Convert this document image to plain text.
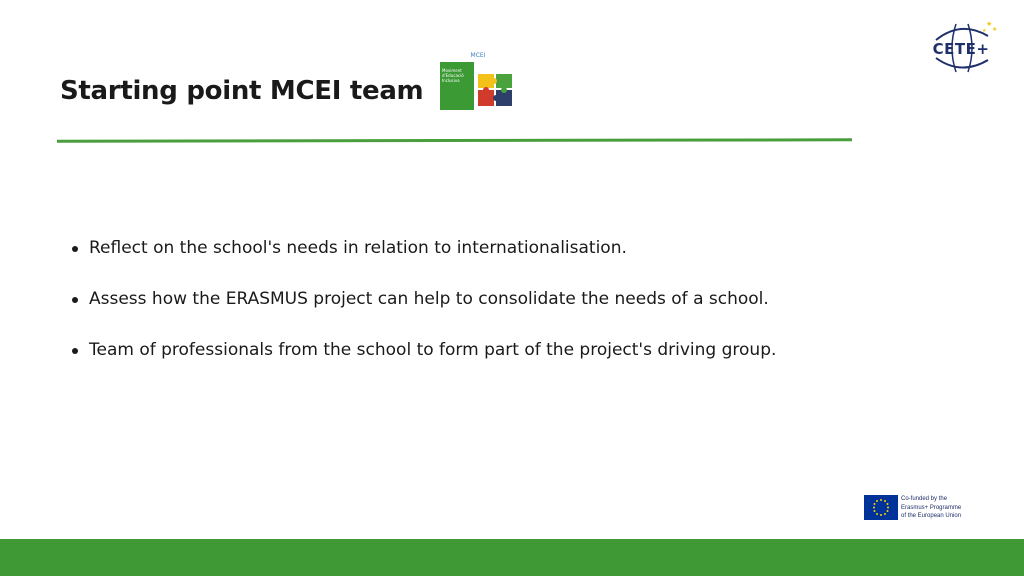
Starting point MCEI team
MCEI
Moviment d'Educació Inclusiva
★
★
★
CETE+
Reflect on the school's needs in relation to internationalisation.
Assess how the ERASMUS project can help to consolidate the needs of a school.
Team of professionals from the school to form part of the project's driving group.
Co-funded by the
Erasmus+ Programme
of the European Union
